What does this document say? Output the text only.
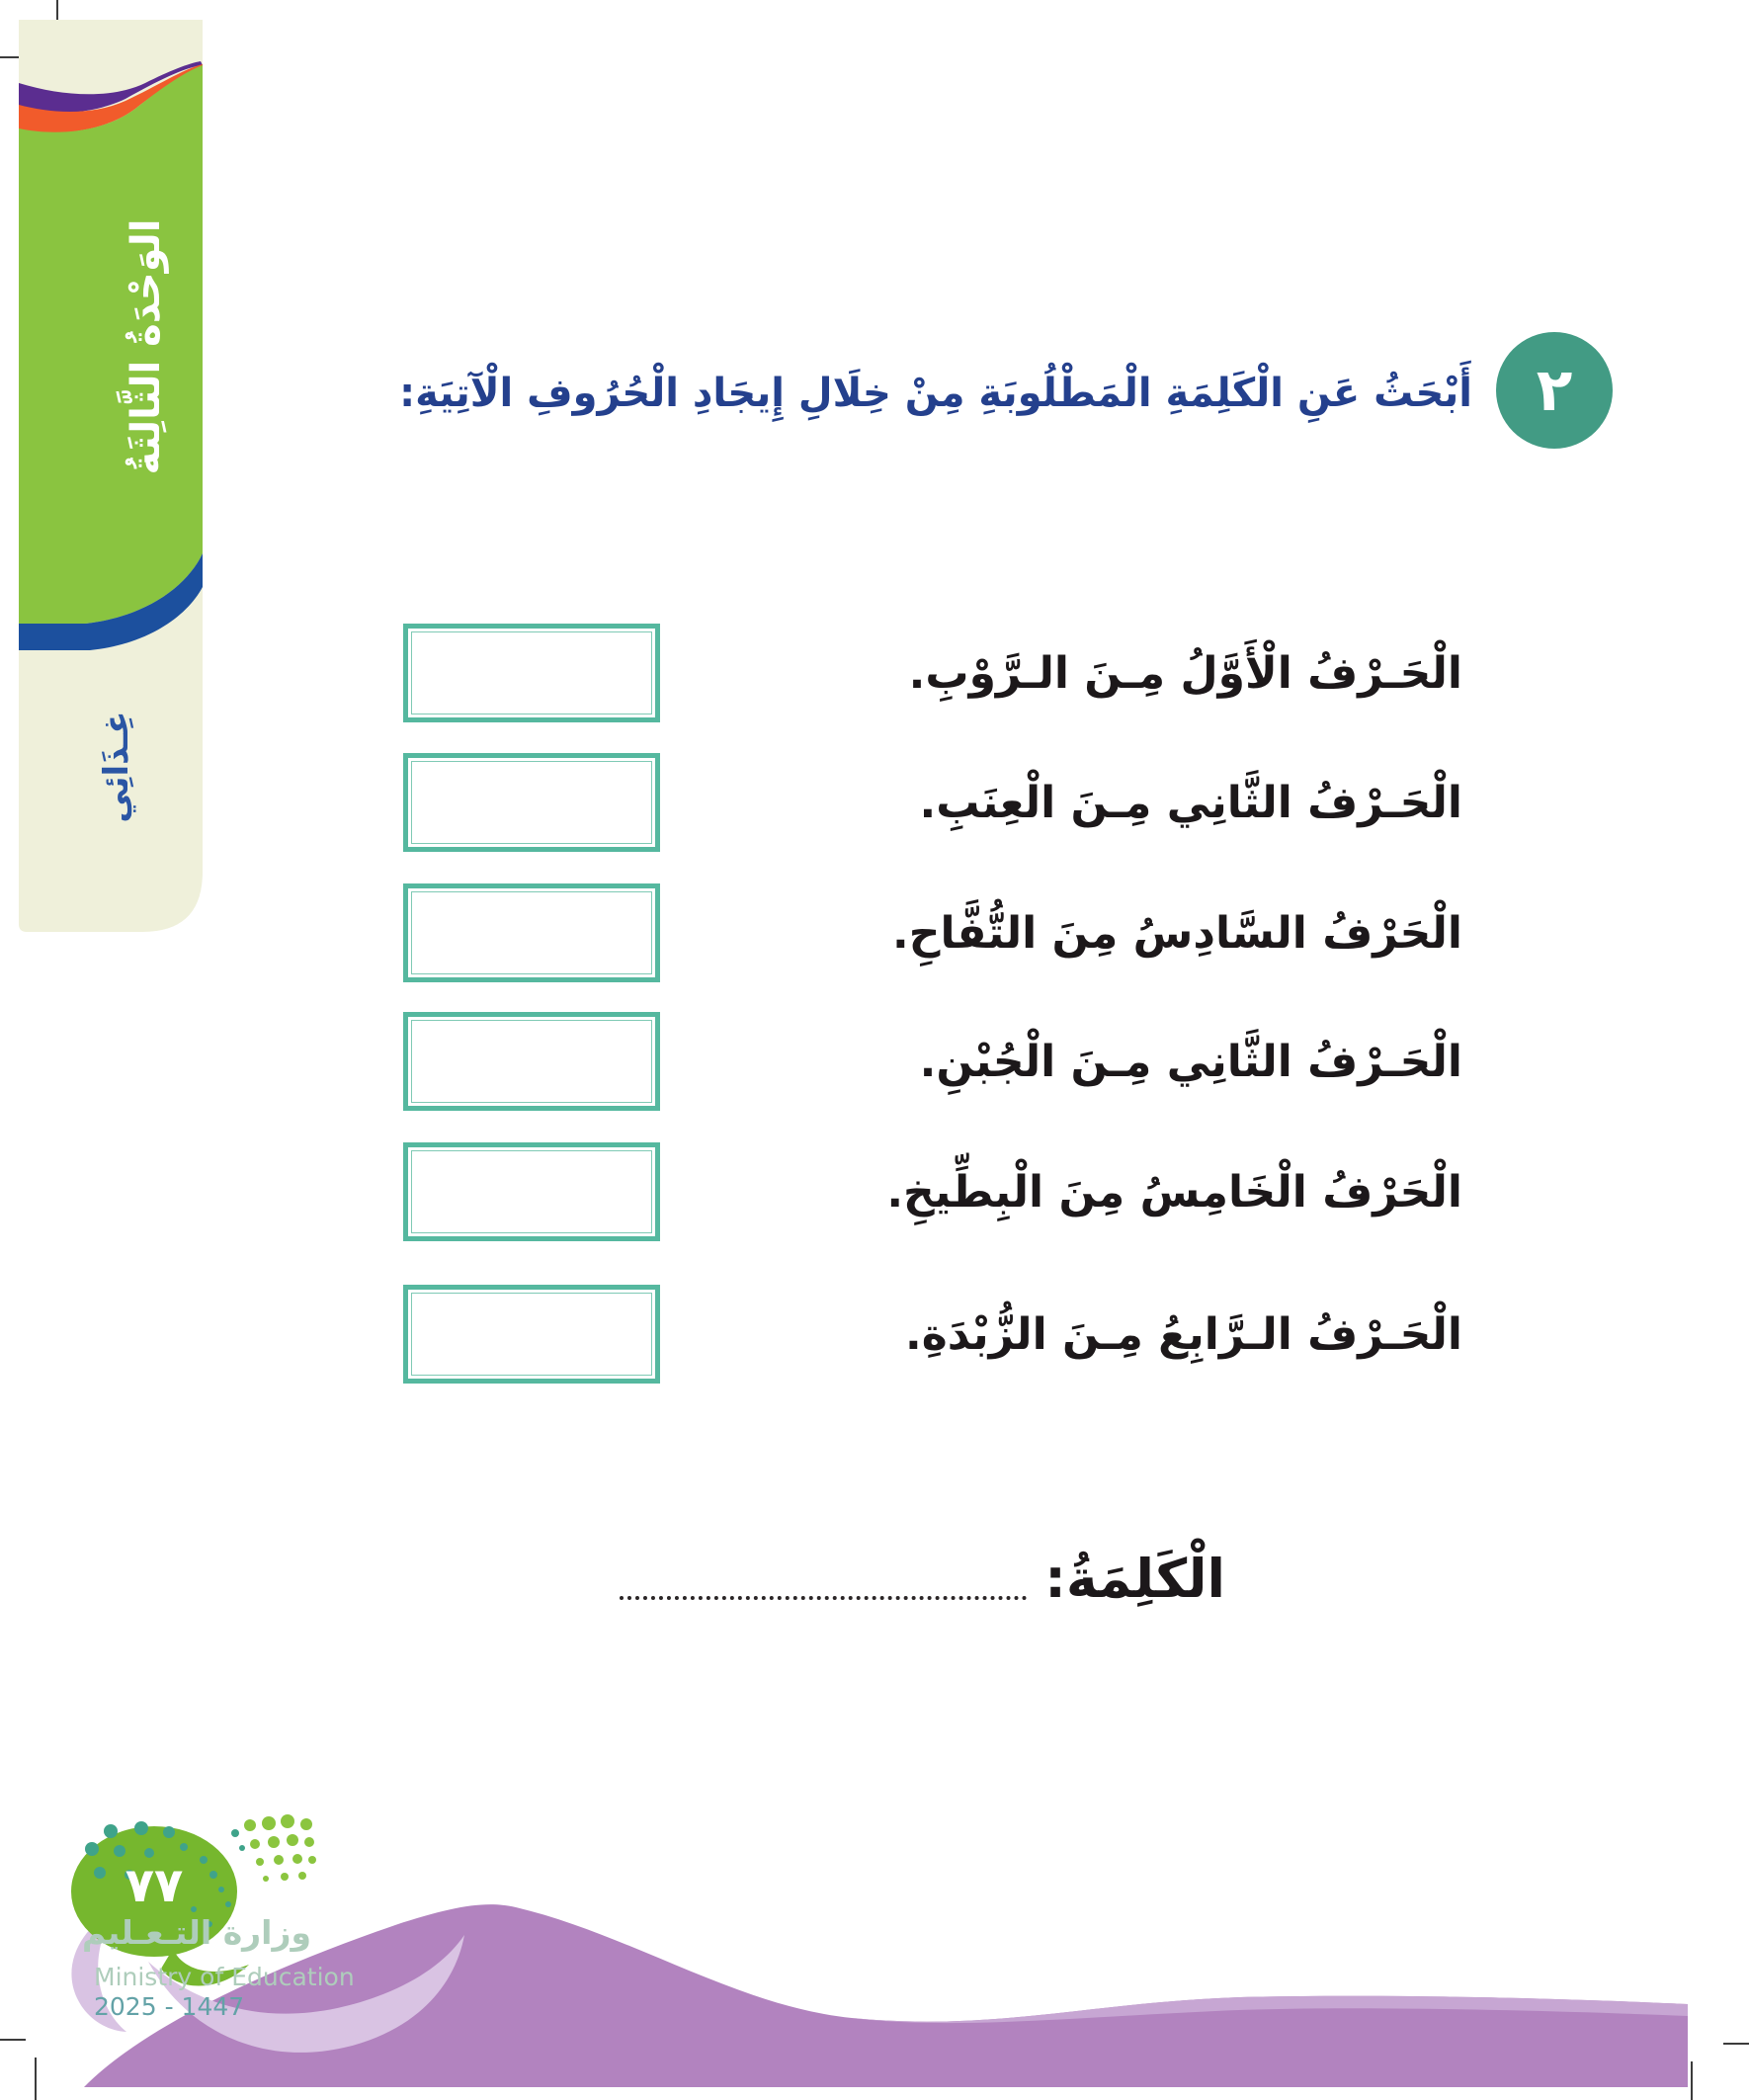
الوَحْدَةُ الثَّالِثَةُ
غِـذَائِي
٢
أَبْحَثُ عَنِ الْكَلِمَةِ الْمَطْلُوبَةِ مِنْ خِلَالِ إِيجَادِ الْحُرُوفِ الْآتِيَةِ:
الْحَـرْفُ الْأَوَّلُ مِـنَ الـرَّوْبِ.
الْحَـرْفُ الثَّانِي مِـنَ الْعِنَبِ.
الْحَرْفُ السَّادِسُ مِنَ التُّفَّاحِ.
الْحَـرْفُ الثَّانِي مِـنَ الْجُبْنِ.
الْحَرْفُ الْخَامِسُ مِنَ الْبِطِّيخِ.
الْحَـرْفُ الـرَّابِعُ مِـنَ الزُّبْدَةِ.
الْكَلِمَةُ:
٧٧
وزارة التـعـليم
Ministry of Education
2025 - 1447
